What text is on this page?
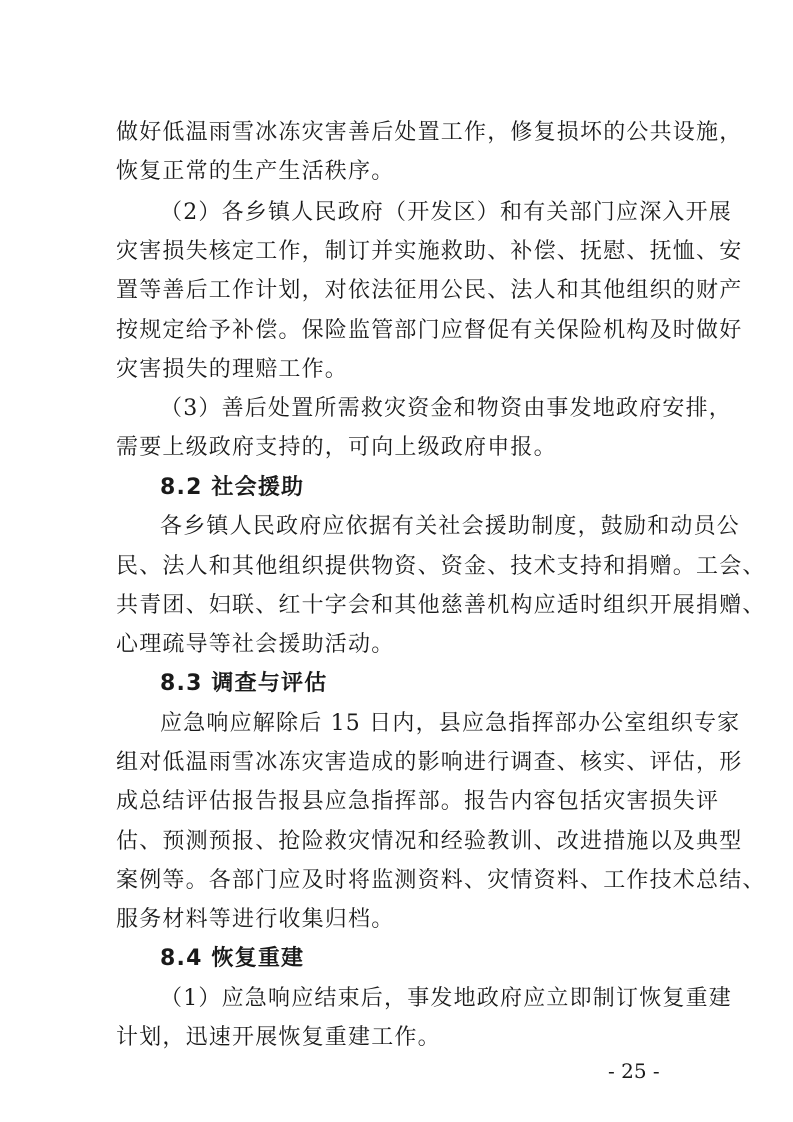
做好低温雨雪冰冻灾害善后处置工作，修复损坏的公共设施，
恢复正常的生产生活秩序。
（2）各乡镇人民政府（开发区）和有关部门应深入开展
灾害损失核定工作，制订并实施救助、补偿、抚慰、抚恤、安
置等善后工作计划，对依法征用公民、法人和其他组织的财产
按规定给予补偿。保险监管部门应督促有关保险机构及时做好
灾害损失的理赔工作。
（3）善后处置所需救灾资金和物资由事发地政府安排，
需要上级政府支持的，可向上级政府申报。
8.2 社会援助
各乡镇人民政府应依据有关社会援助制度，鼓励和动员公
民、法人和其他组织提供物资、资金、技术支持和捐赠。工会、
共青团、妇联、红十字会和其他慈善机构应适时组织开展捐赠、
心理疏导等社会援助活动。
8.3 调查与评估
应急响应解除后 15 日内，县应急指挥部办公室组织专家
组对低温雨雪冰冻灾害造成的影响进行调查、核实、评估，形
成总结评估报告报县应急指挥部。报告内容包括灾害损失评
估、预测预报、抢险救灾情况和经验教训、改进措施以及典型
案例等。各部门应及时将监测资料、灾情资料、工作技术总结、
服务材料等进行收集归档。
8.4 恢复重建
（1）应急响应结束后，事发地政府应立即制订恢复重建
计划，迅速开展恢复重建工作。
- 25 -
